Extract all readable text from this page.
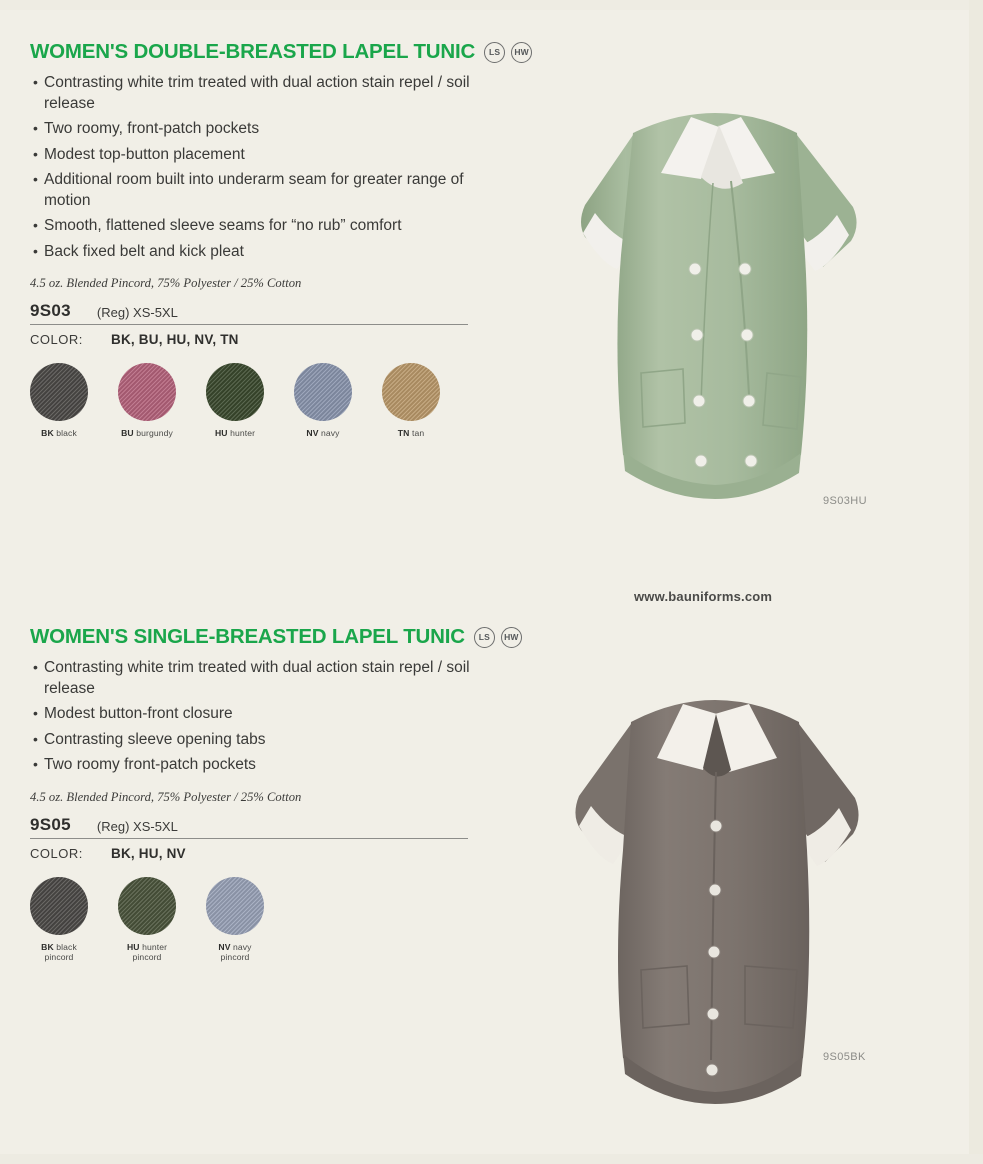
WOMEN'S DOUBLE-BREASTED LAPEL TUNIC	LS	HW
• Contrasting white trim treated with dual action stain repel / soil release
• Two roomy, front-patch pockets
• Modest top-button placement
• Additional room built into underarm seam for greater range of motion
• Smooth, flattened sleeve seams for “no rub” comfort
• Back fixed belt and kick pleat
4.5 oz. Blended Pincord, 75% Polyester / 25% Cotton
9S03 (Reg) XS-5XL
COLOR:	BK, BU, HU, NV, TN
BK black	BU burgundy	HU hunter	NV navy	TN tan
9S03HU
www.bauniforms.com
WOMEN'S SINGLE-BREASTED LAPEL TUNIC	LS	HW
• Contrasting white trim treated with dual action stain repel / soil release
• Modest button-front closure
• Contrasting sleeve opening tabs
• Two roomy front-patch pockets
4.5 oz. Blended Pincord, 75% Polyester / 25% Cotton
9S05 (Reg) XS-5XL
COLOR:	BK, HU, NV
BK black
pincord
HU hunter
pincord
NV navy
pincord
9S05BK
